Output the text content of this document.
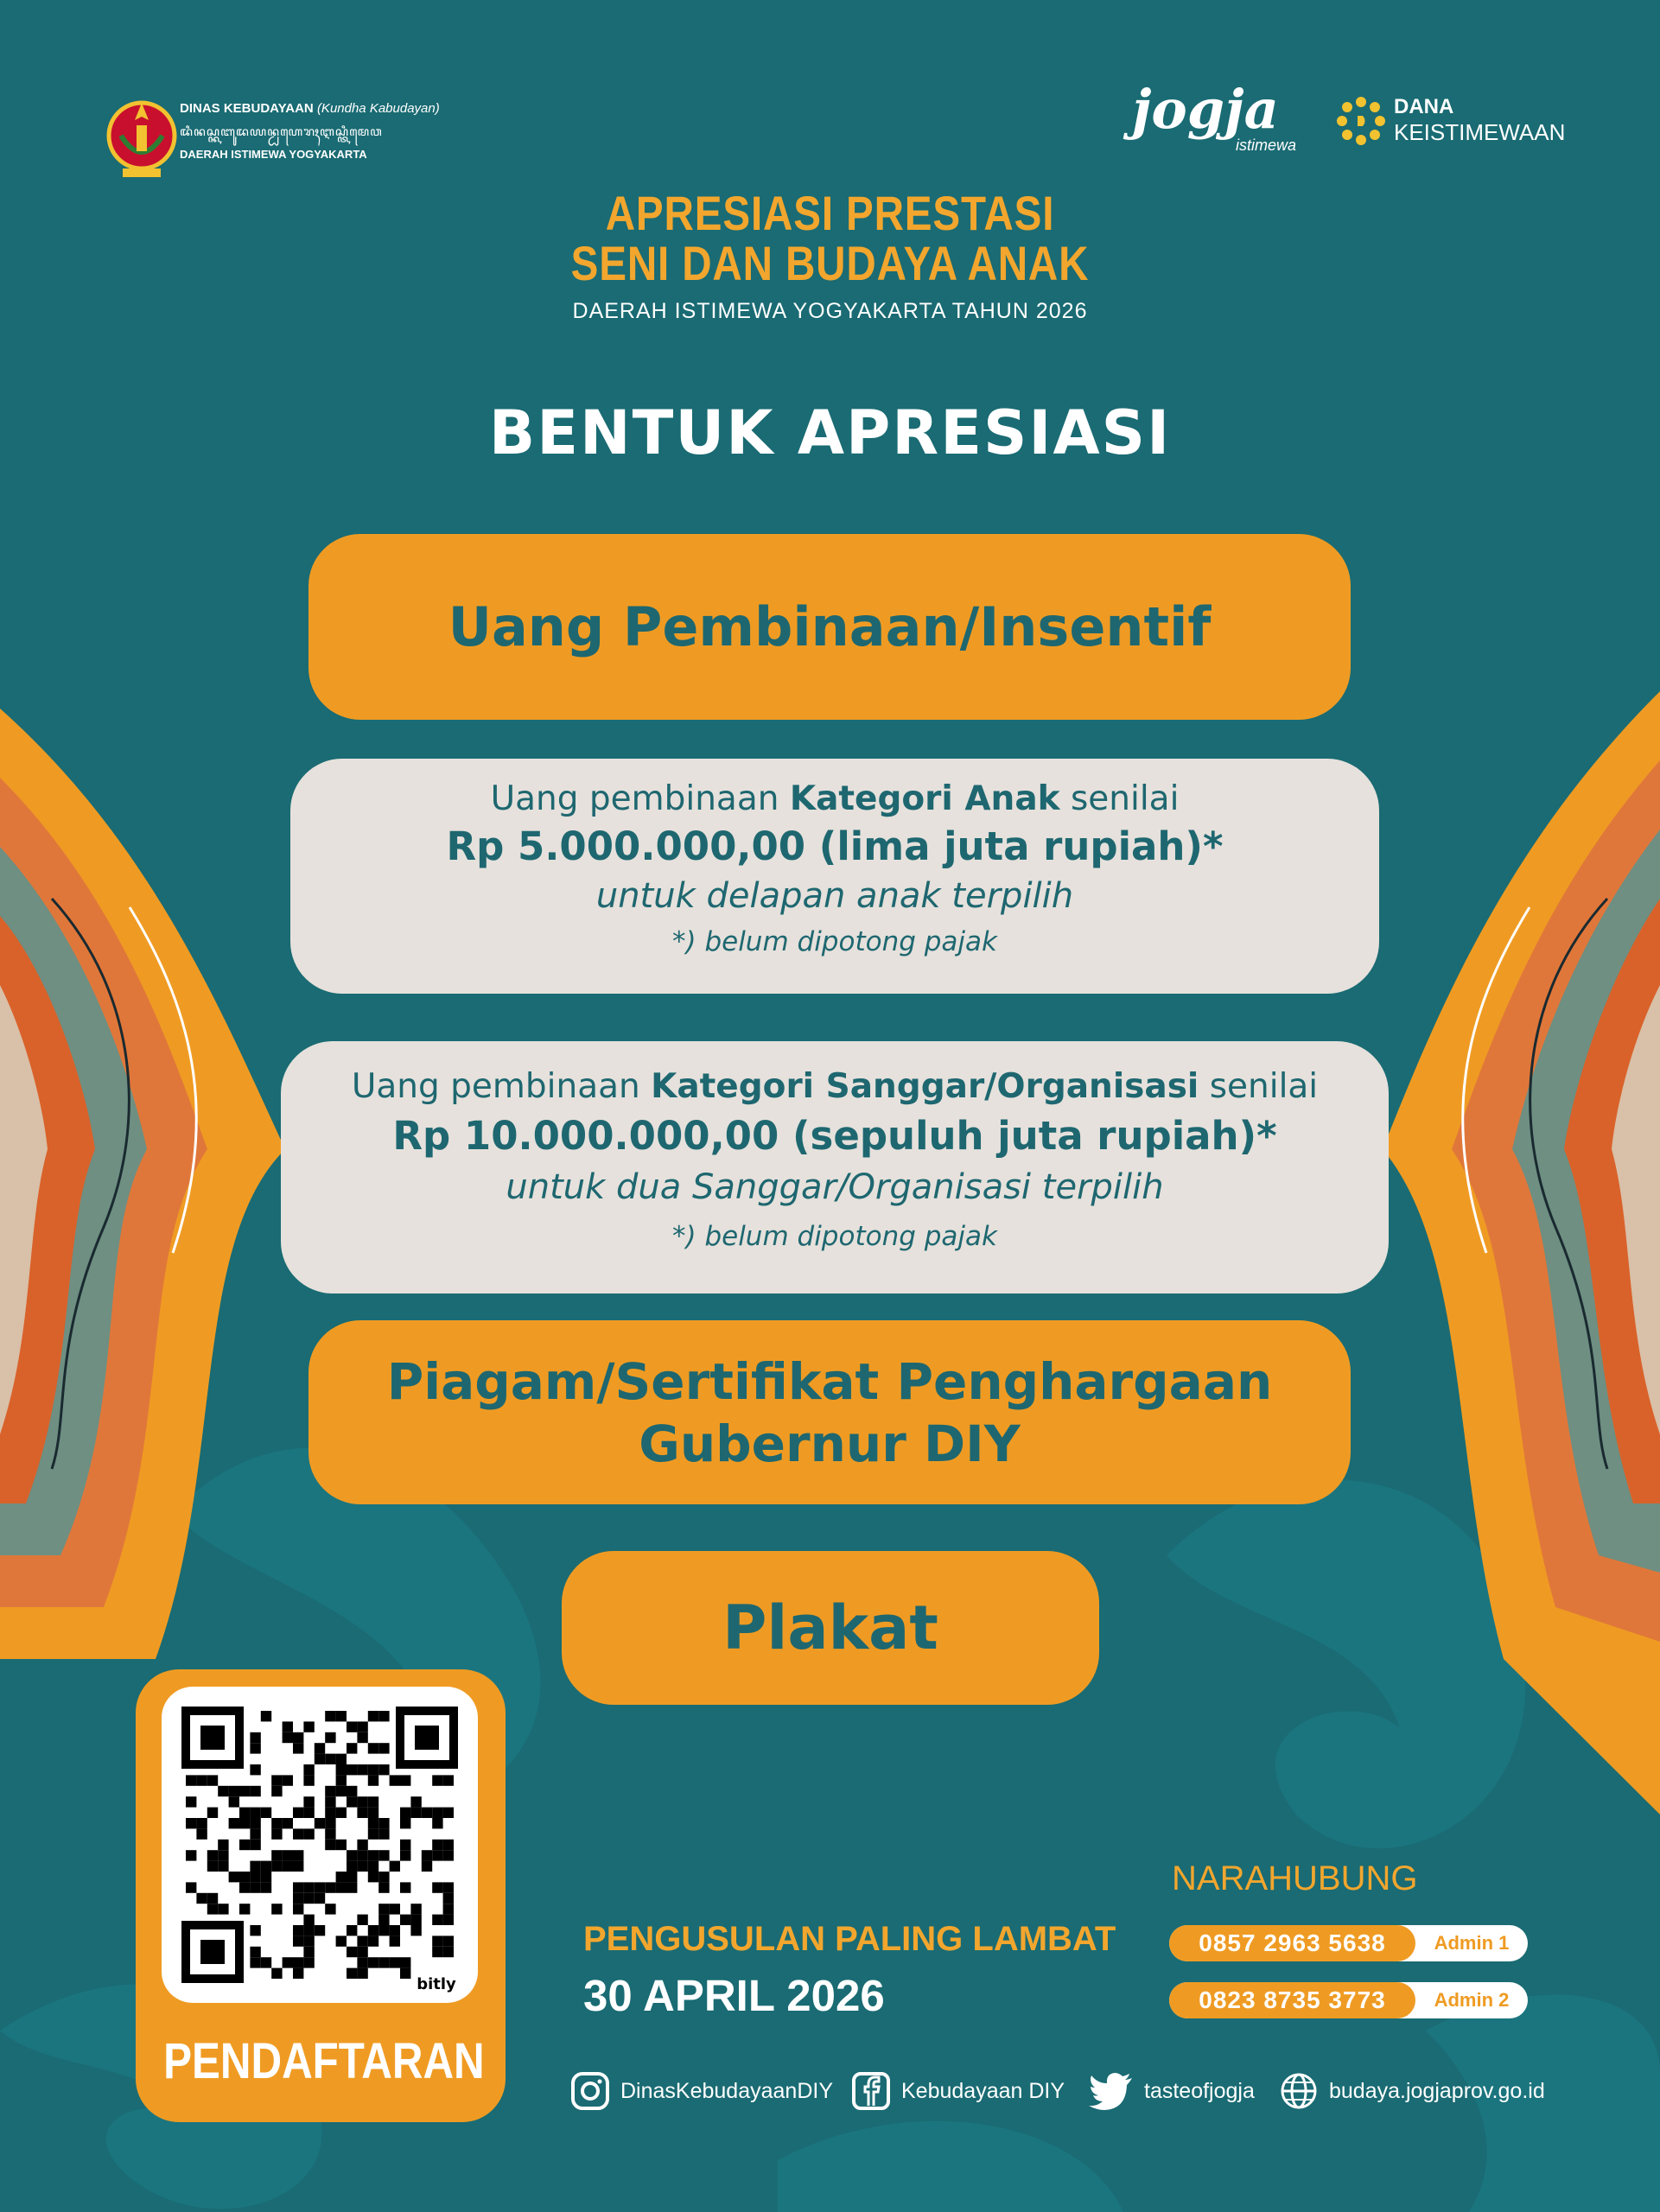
DINAS KEBUDAYAAN (Kundha Kabudayan)
ꦢꦶꦤꦱ꧀ꦏꦧꦸꦢꦪꦤ꧀ꦝꦲꦺꦫꦃꦆꦱ꧀ꦠꦶꦩꦺꦮ
DAERAH ISTIMEWA YOGYAKARTA
jogja
istimewa
DANA
KEISTIMEWAAN
APRESIASI PRESTASI
SENI DAN BUDAYA ANAK
DAERAH ISTIMEWA YOGYAKARTA TAHUN 2026
BENTUK APRESIASI
Uang Pembinaan/Insentif
Uang pembinaan Kategori Anak senilai
Rp 5.000.000,00 (lima juta rupiah)*
untuk delapan anak terpilih
*) belum dipotong pajak
Uang pembinaan Kategori Sanggar/Organisasi senilai
Rp 10.000.000,00 (sepuluh juta rupiah)*
untuk dua Sanggar/Organisasi terpilih
*) belum dipotong pajak
Piagam/Sertifikat Penghargaan
Gubernur DIY
Plakat
bitly
PENDAFTARAN
PENGUSULAN PALING LAMBAT
30 APRIL 2026
NARAHUBUNG
0857 2963 5638	Admin 1
0823 8735 3773	Admin 2
DinasKebudayaanDIY	Kebudayaan DIY	tasteofjogja	budaya.jogjaprov.go.id
